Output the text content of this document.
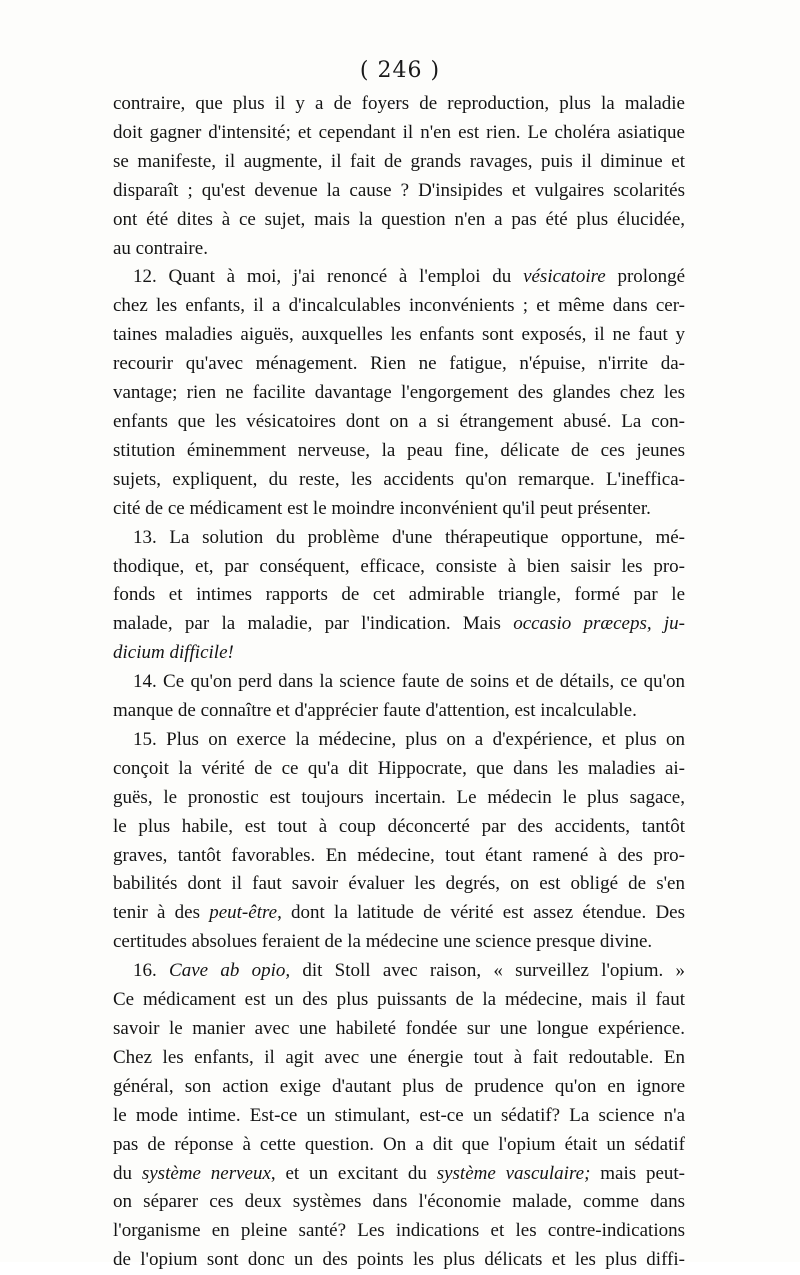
( 246 )
contraire, que plus il y a de foyers de reproduction, plus la maladie
doit gagner d'intensité; et cependant il n'en est rien. Le choléra asiatique
se manifeste, il augmente, il fait de grands ravages, puis il diminue et
disparaît ; qu'est devenue la cause ? D'insipides et vulgaires scolarités
ont été dites à ce sujet, mais la question n'en a pas été plus élucidée,
au contraire.
12. Quant à moi, j'ai renoncé à l'emploi du vésicatoire prolongé
chez les enfants, il a d'incalculables inconvénients ; et même dans cer-
taines maladies aiguës, auxquelles les enfants sont exposés, il ne faut y
recourir qu'avec ménagement. Rien ne fatigue, n'épuise, n'irrite da-
vantage; rien ne facilite davantage l'engorgement des glandes chez les
enfants que les vésicatoires dont on a si étrangement abusé. La con-
stitution éminemment nerveuse, la peau fine, délicate de ces jeunes
sujets, expliquent, du reste, les accidents qu'on remarque. L'ineffica-
cité de ce médicament est le moindre inconvénient qu'il peut présenter.
13. La solution du problème d'une thérapeutique opportune, mé-
thodique, et, par conséquent, efficace, consiste à bien saisir les pro-
fonds et intimes rapports de cet admirable triangle, formé par le
malade, par la maladie, par l'indication. Mais occasio præceps, ju-
dicium difficile!
14. Ce qu'on perd dans la science faute de soins et de détails, ce qu'on
manque de connaître et d'apprécier faute d'attention, est incalculable.
15. Plus on exerce la médecine, plus on a d'expérience, et plus on
conçoit la vérité de ce qu'a dit Hippocrate, que dans les maladies ai-
guës, le pronostic est toujours incertain. Le médecin le plus sagace,
le plus habile, est tout à coup déconcerté par des accidents, tantôt
graves, tantôt favorables. En médecine, tout étant ramené à des pro-
babilités dont il faut savoir évaluer les degrés, on est obligé de s'en
tenir à des peut-être, dont la latitude de vérité est assez étendue. Des
certitudes absolues feraient de la médecine une science presque divine.
16. Cave ab opio, dit Stoll avec raison, « surveillez l'opium. »
Ce médicament est un des plus puissants de la médecine, mais il faut
savoir le manier avec une habileté fondée sur une longue expérience.
Chez les enfants, il agit avec une énergie tout à fait redoutable. En
général, son action exige d'autant plus de prudence qu'on en ignore
le mode intime. Est-ce un stimulant, est-ce un sédatif? La science n'a
pas de réponse à cette question. On a dit que l'opium était un sédatif
du système nerveux, et un excitant du système vasculaire; mais peut-
on séparer ces deux systèmes dans l'économie malade, comme dans
l'organisme en pleine santé? Les indications et les contre-indications
de l'opium sont donc un des points les plus délicats et les plus diffi-
